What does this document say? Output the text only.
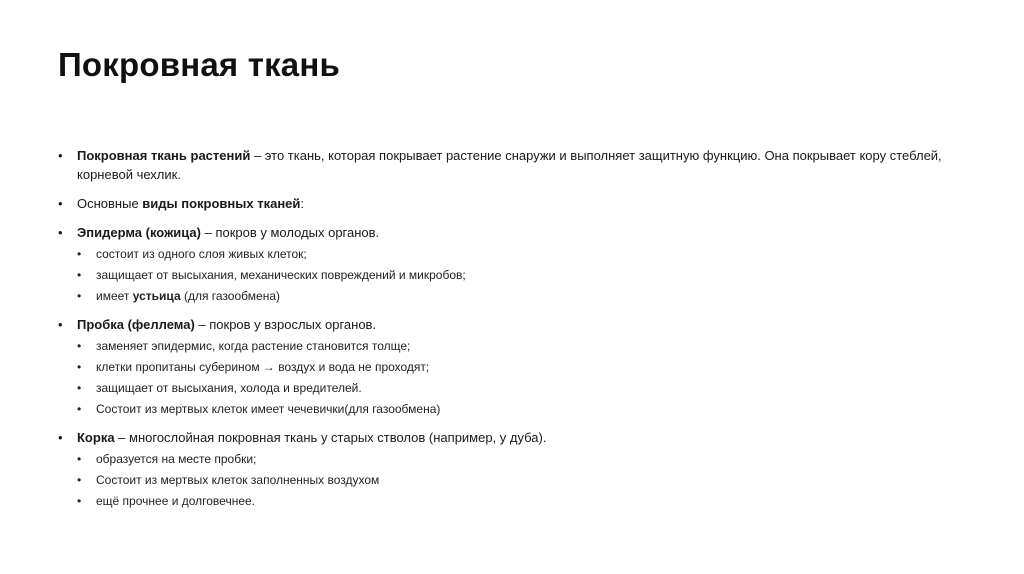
Покровная ткань
• Покровная ткань растений – это ткань, которая покрывает растение снаружи и выполняет защитную функцию. Она покрывает кору стеблей, корневой чехлик.
• Основные виды покровных тканей:
• Эпидерма (кожица) – покров у молодых органов.
• состоит из одного слоя живых клеток;
• защищает от высыхания, механических повреждений и микробов;
• имеет устьица (для газообмена)
• Пробка (феллема) – покров у взрослых органов.
• заменяет эпидермис, когда растение становится толще;
• клетки пропитаны суберином → воздух и вода не проходят;
• защищает от высыхания, холода и вредителей.
• Состоит из мертвых клеток имеет чечевички(для газообмена)
• Корка – многослойная покровная ткань у старых стволов (например, у дуба).
• образуется на месте пробки;
• Состоит из мертвых клеток заполненных воздухом
• ещё прочнее и долговечнее.
